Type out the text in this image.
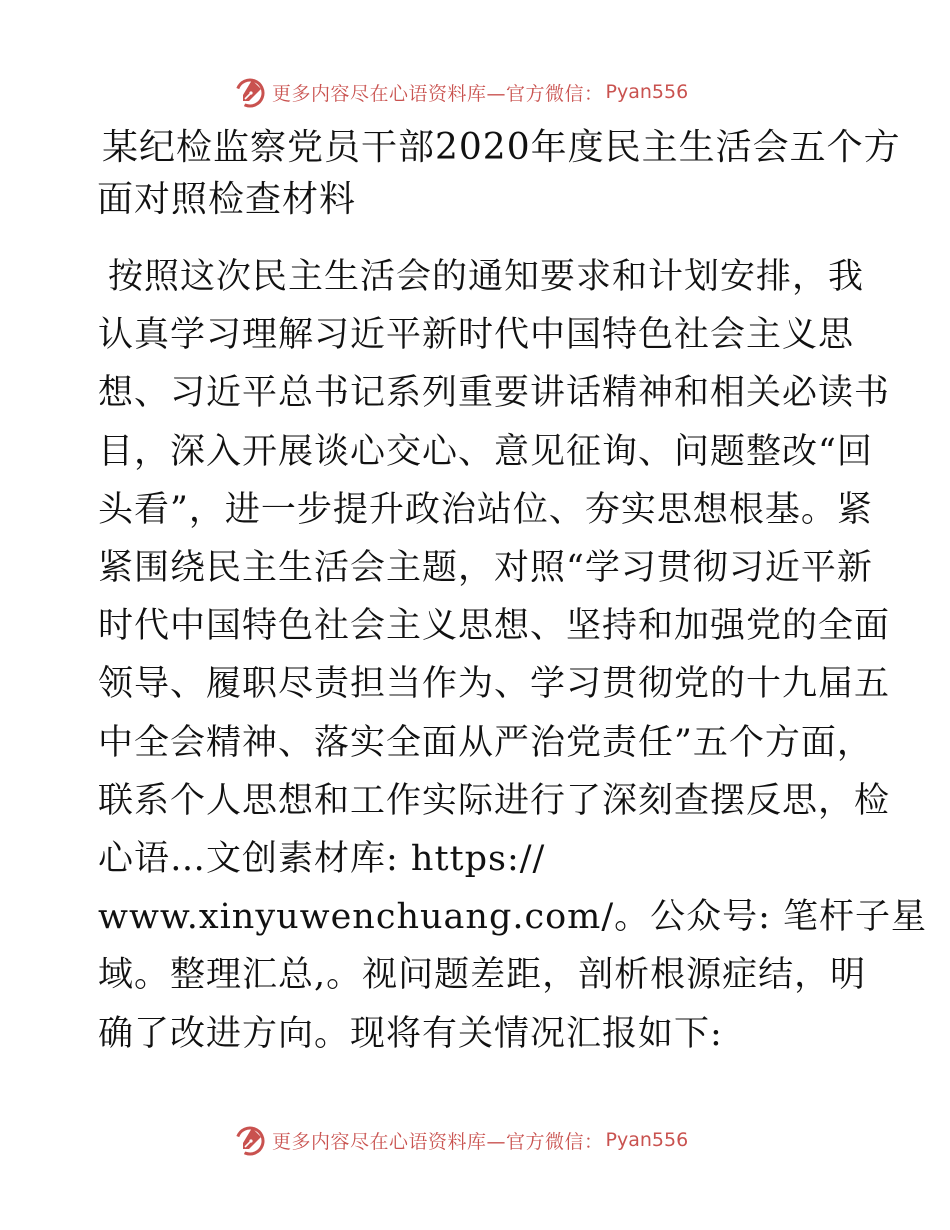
更多内容尽在心语资料库—官方微信： Pyan556
某纪检监察党员干部2020年度民主生活会五个方
面对照检查材料
按照这次民主生活会的通知要求和计划安排，我
认真学习理解习近平新时代中国特色社会主义思
想、习近平总书记系列重要讲话精神和相关必读书
目，深入开展谈心交心、意见征询、问题整改“回
头看”，进一步提升政治站位、夯实思想根基。紧
紧围绕民主生活会主题，对照“学习贯彻习近平新
时代中国特色社会主义思想、坚持和加强党的全面
领导、履职尽责担当作为、学习贯彻党的十九届五
中全会精神、落实全面从严治党责任”五个方面，
联系个人思想和工作实际进行了深刻查摆反思，检
心语…文创素材库: https://
www.xinyuwenchuang.com/。公众号: 笔杆子星
域。整理汇总,。视问题差距，剖析根源症结，明
确了改进方向。现将有关情况汇报如下:
更多内容尽在心语资料库—官方微信： Pyan556
